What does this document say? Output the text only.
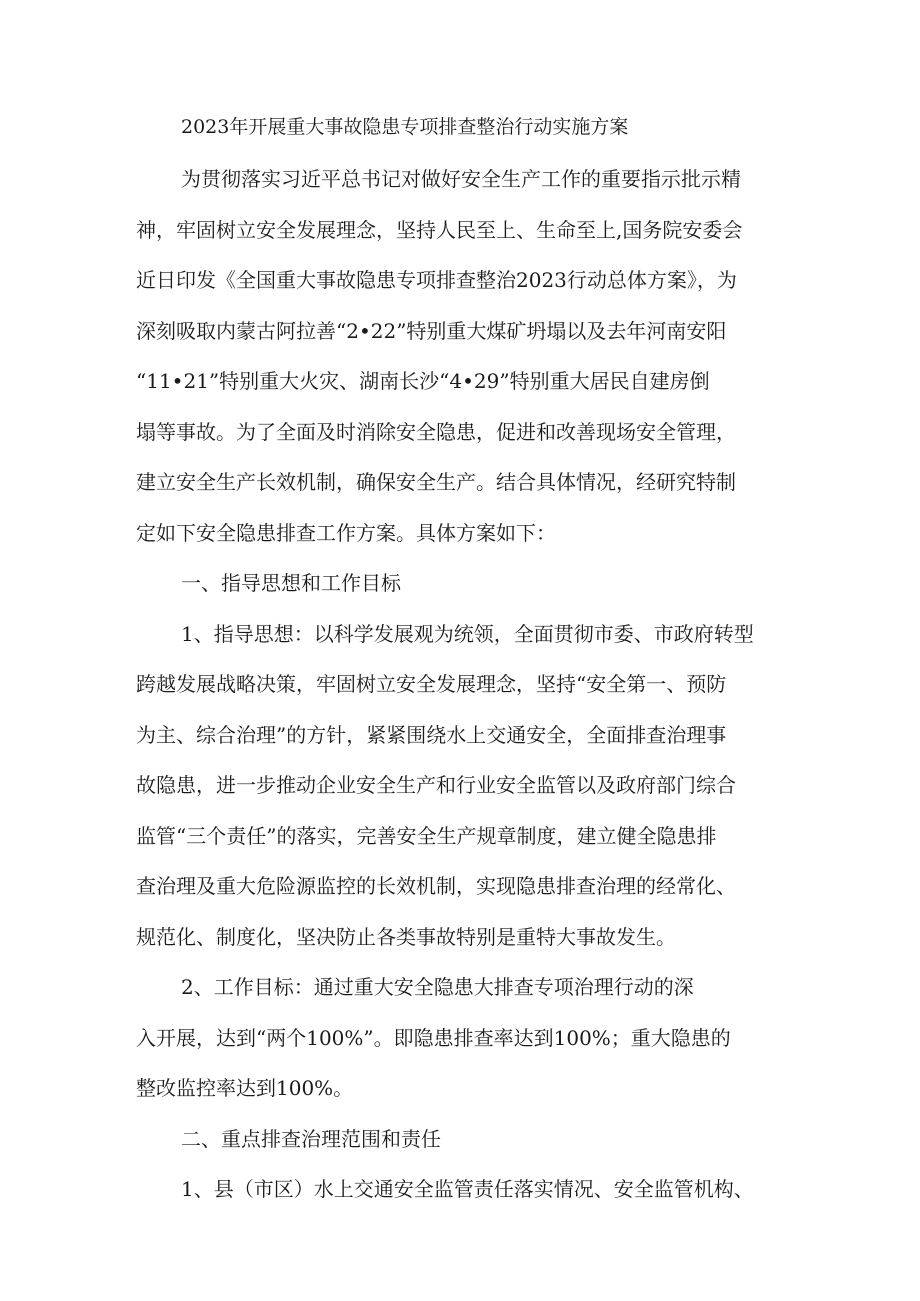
2023年开展重大事故隐患专项排查整治行动实施方案
为贯彻落实习近平总书记对做好安全生产工作的重要指示批示精
神，牢固树立安全发展理念，坚持人民至上、生命至上,国务院安委会
近日印发《全国重大事故隐患专项排查整治2023行动总体方案》，为
深刻吸取内蒙古阿拉善“2•22”特别重大煤矿坍塌以及去年河南安阳
“11•21”特别重大火灾、湖南长沙“4•29”特别重大居民自建房倒
塌等事故。为了全面及时消除安全隐患，促进和改善现场安全管理，
建立安全生产长效机制，确保安全生产。结合具体情况，经研究特制
定如下安全隐患排查工作方案。具体方案如下：
一、指导思想和工作目标
1、指导思想：以科学发展观为统领，全面贯彻市委、市政府转型
跨越发展战略决策，牢固树立安全发展理念，坚持“安全第一、预防
为主、综合治理”的方针，紧紧围绕水上交通安全，全面排查治理事
故隐患，进一步推动企业安全生产和行业安全监管以及政府部门综合
监管“三个责任”的落实，完善安全生产规章制度，建立健全隐患排
查治理及重大危险源监控的长效机制，实现隐患排查治理的经常化、
规范化、制度化，坚决防止各类事故特别是重特大事故发生。
2、工作目标：通过重大安全隐患大排查专项治理行动的深
入开展，达到“两个100%”。即隐患排查率达到100%；重大隐患的
整改监控率达到100%。
二、重点排查治理范围和责任
1、县（市区）水上交通安全监管责任落实情况、安全监管机构、
